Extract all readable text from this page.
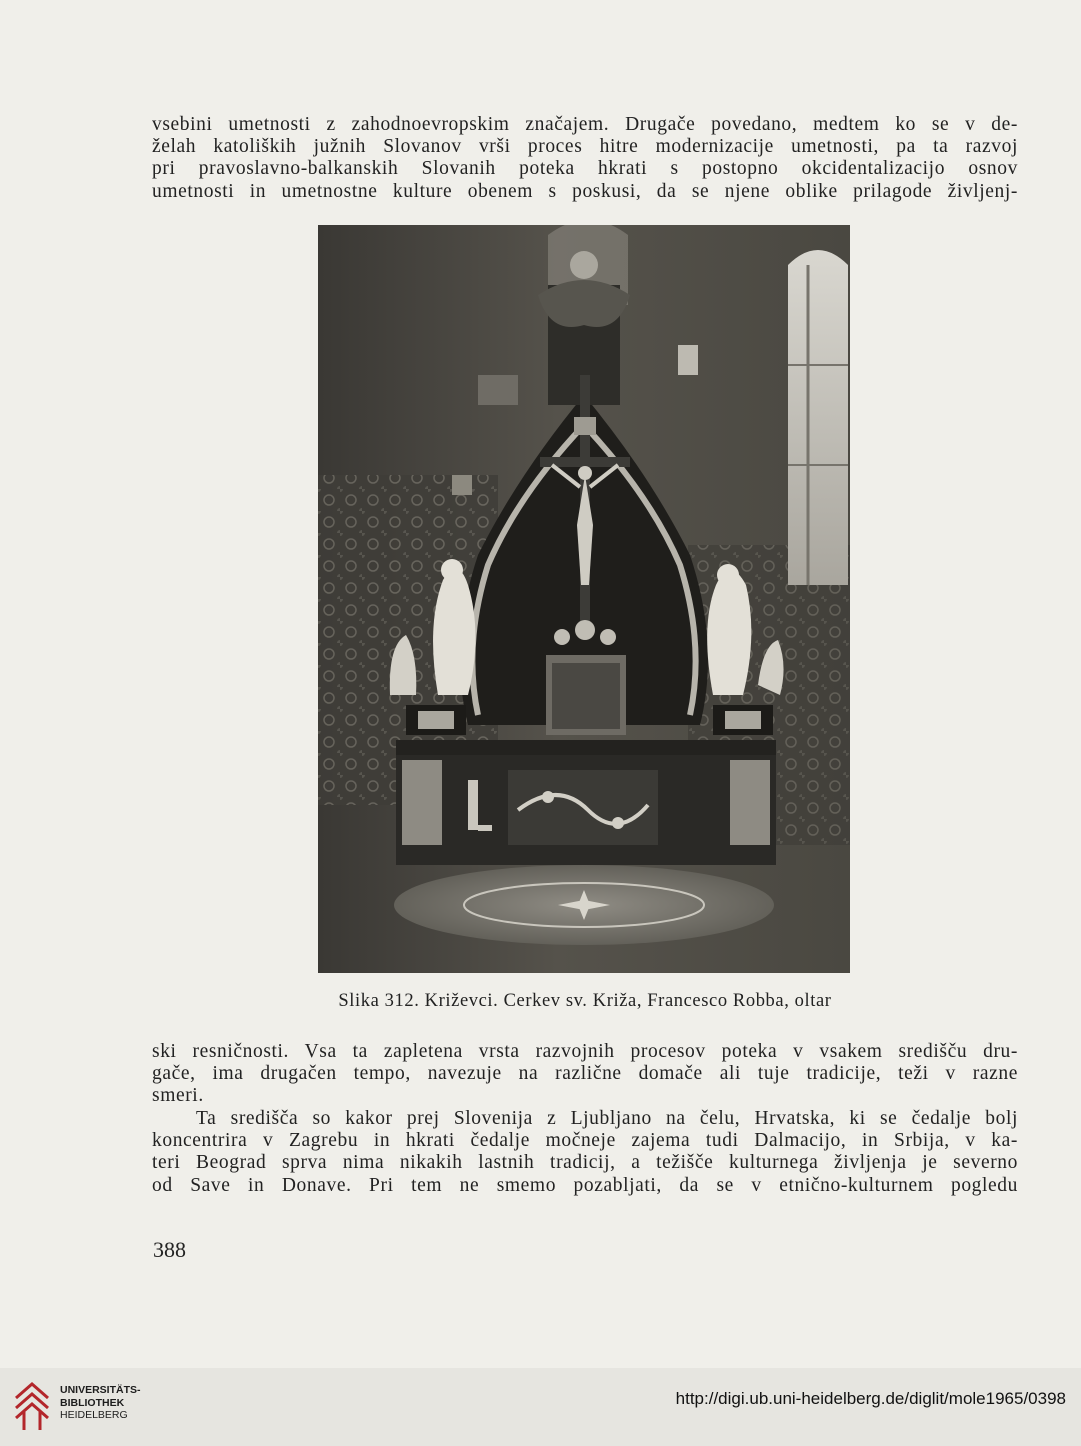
vsebini umetnosti z zahodnoevropskim značajem. Drugače povedano, medtem ko se v de-
želah katoliških južnih Slovanov vrši proces hitre modernizacije umetnosti, pa ta razvoj
pri pravoslavno-balkanskih Slovanih poteka hkrati s postopno okcidentalizacijo osnov
umetnosti in umetnostne kulture obenem s poskusi, da se njene oblike prilagode življenj-
Slika 312. Križevci. Cerkev sv. Križa, Francesco Robba, oltar
ski resničnosti. Vsa ta zapletena vrsta razvojnih procesov poteka v vsakem središču dru-
gače, ima drugačen tempo, navezuje na različne domače ali tuje tradicije, teži v razne
smeri.
Ta središča so kakor prej Slovenija z Ljubljano na čelu, Hrvatska, ki se čedalje bolj
koncentrira v Zagrebu in hkrati čedalje močneje zajema tudi Dalmacijo, in Srbija, v ka-
teri Beograd sprva nima nikakih lastnih tradicij, a težišče kulturnega življenja je severno
od Save in Donave. Pri tem ne smemo pozabljati, da se v etnično-kulturnem pogledu
388
UNIVERSITÄTS-
BIBLIOTHEK
HEIDELBERG
http://digi.ub.uni-heidelberg.de/diglit/mole1965/0398
